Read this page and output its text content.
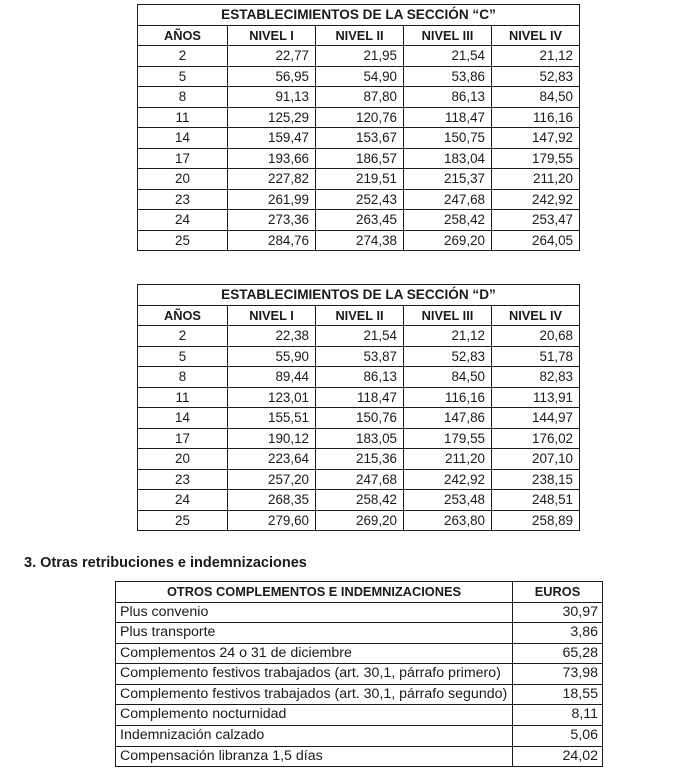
ESTABLECIMIENTOS DE LA SECCIÓN “C”				
AÑOS	NIVEL I	NIVEL II	NIVEL III	NIVEL IV
2	22,77	21,95	21,54	21,12
5	56,95	54,90	53,86	52,83
8	91,13	87,80	86,13	84,50
11	125,29	120,76	118,47	116,16
14	159,47	153,67	150,75	147,92
17	193,66	186,57	183,04	179,55
20	227,82	219,51	215,37	211,20
23	261,99	252,43	247,68	242,92
24	273,36	263,45	258,42	253,47
25	284,76	274,38	269,20	264,05
ESTABLECIMIENTOS DE LA SECCIÓN “D”				
AÑOS	NIVEL I	NIVEL II	NIVEL III	NIVEL IV
2	22,38	21,54	21,12	20,68
5	55,90	53,87	52,83	51,78
8	89,44	86,13	84,50	82,83
11	123,01	118,47	116,16	113,91
14	155,51	150,76	147,86	144,97
17	190,12	183,05	179,55	176,02
20	223,64	215,36	211,20	207,10
23	257,20	247,68	242,92	238,15
24	268,35	258,42	253,48	248,51
25	279,60	269,20	263,80	258,89
3. Otras retribuciones e indemnizaciones
OTROS COMPLEMENTOS E INDEMNIZACIONES	EUROS
Plus convenio	30,97
Plus transporte	3,86
Complementos 24 o 31 de diciembre	65,28
Complemento festivos trabajados (art. 30,1, párrafo primero)	73,98
Complemento festivos trabajados (art. 30,1, párrafo segundo)	18,55
Complemento nocturnidad	8,11
Indemnización calzado	5,06
Compensación libranza 1,5 días	24,02
